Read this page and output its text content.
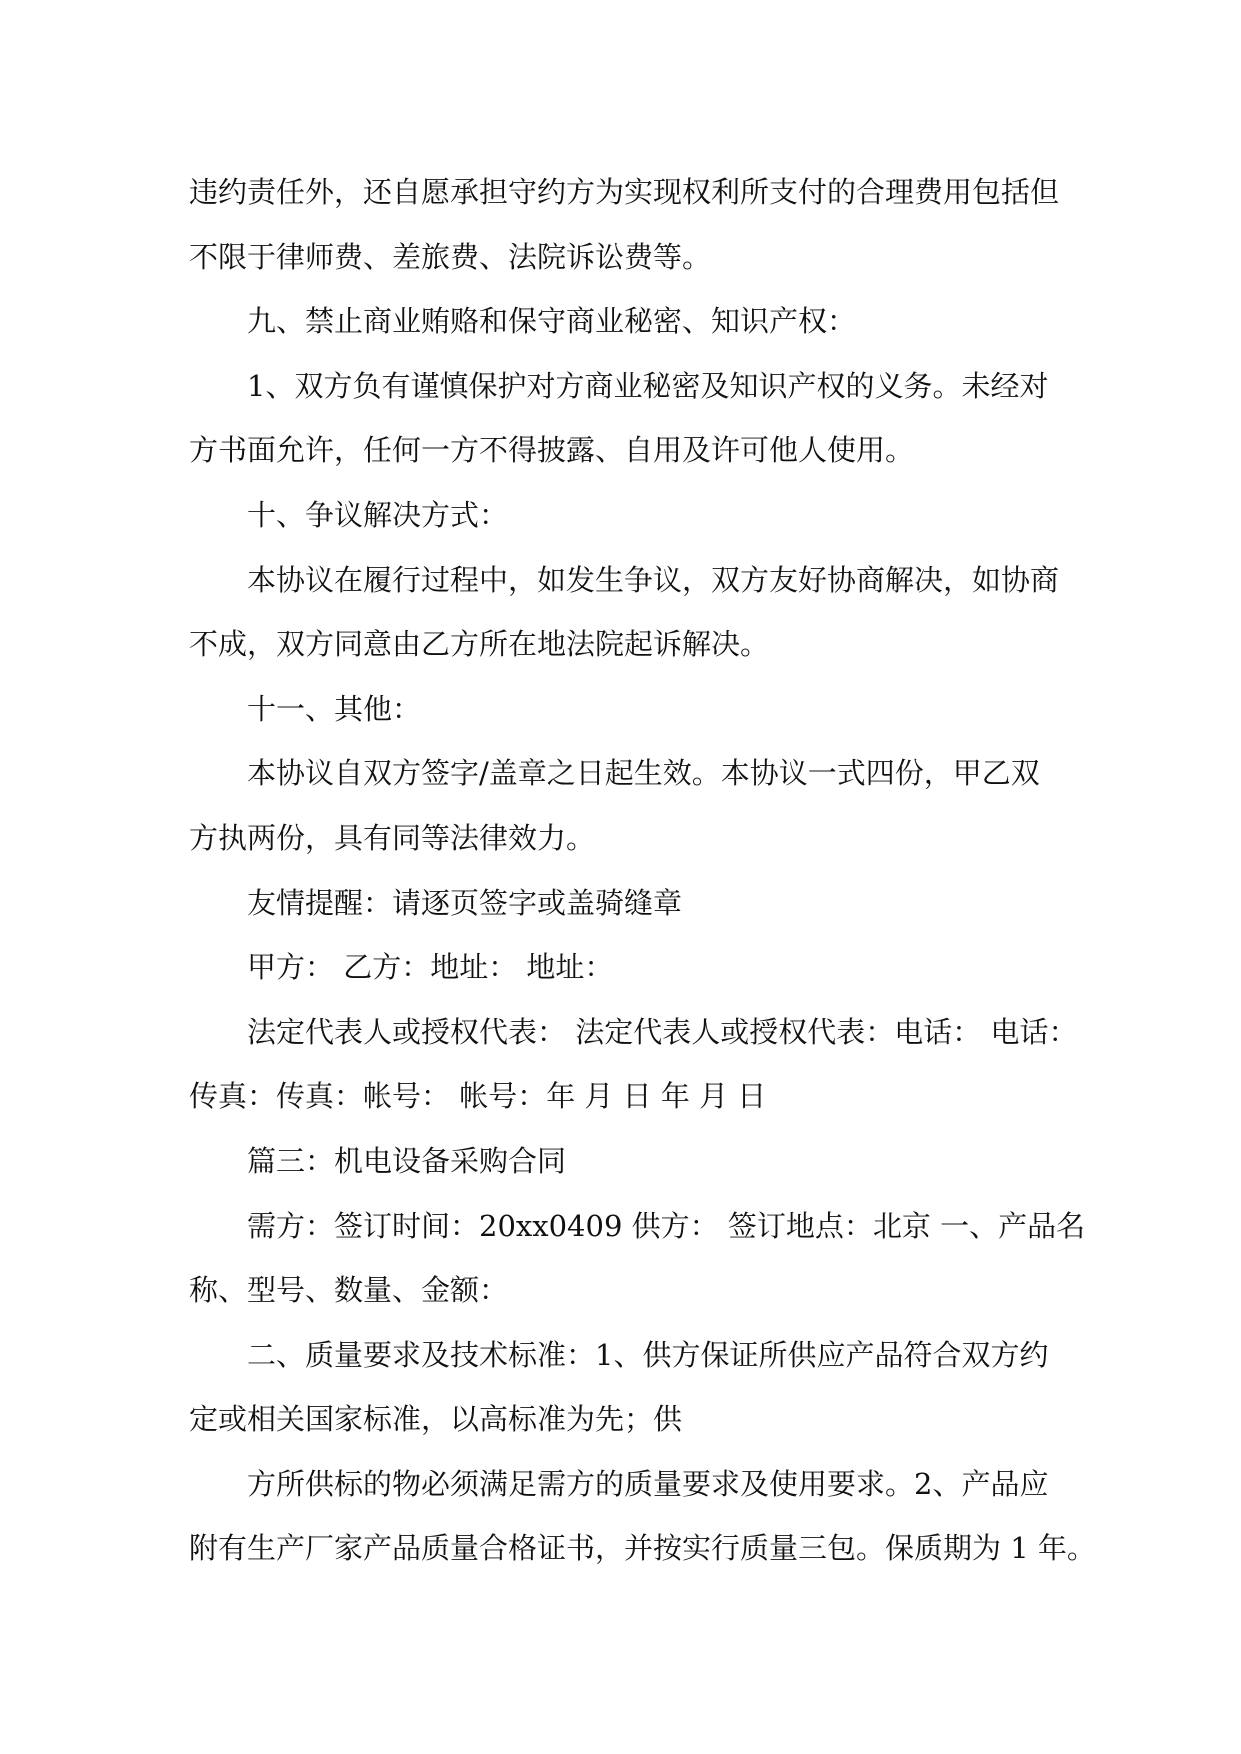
违约责任外，还自愿承担守约方为实现权利所支付的合理费用包括但

不限于律师费、差旅费、法院诉讼费等。

九、禁止商业贿赂和保守商业秘密、知识产权：

1、双方负有谨慎保护对方商业秘密及知识产权的义务。未经对

方书面允许，任何一方不得披露、自用及许可他人使用。

十、争议解决方式：

本协议在履行过程中，如发生争议，双方友好协商解决，如协商

不成，双方同意由乙方所在地法院起诉解决。

十一、其他：

本协议自双方签字/盖章之日起生效。本协议一式四份，甲乙双

方执两份，具有同等法律效力。

友情提醒：请逐页签字或盖骑缝章

甲方： 乙方：地址： 地址：

法定代表人或授权代表： 法定代表人或授权代表：电话： 电话：

传真：传真：帐号： 帐号：年 月 日 年 月 日

篇三：机电设备采购合同

需方：签订时间：20xx0409 供方： 签订地点：北京 一、产品名

称、型号、数量、金额：

二、质量要求及技术标准：1、供方保证所供应产品符合双方约

定或相关国家标准，以高标准为先；供

方所供标的物必须满足需方的质量要求及使用要求。2、产品应

附有生产厂家产品质量合格证书，并按实行质量三包。保质期为 1 年。
